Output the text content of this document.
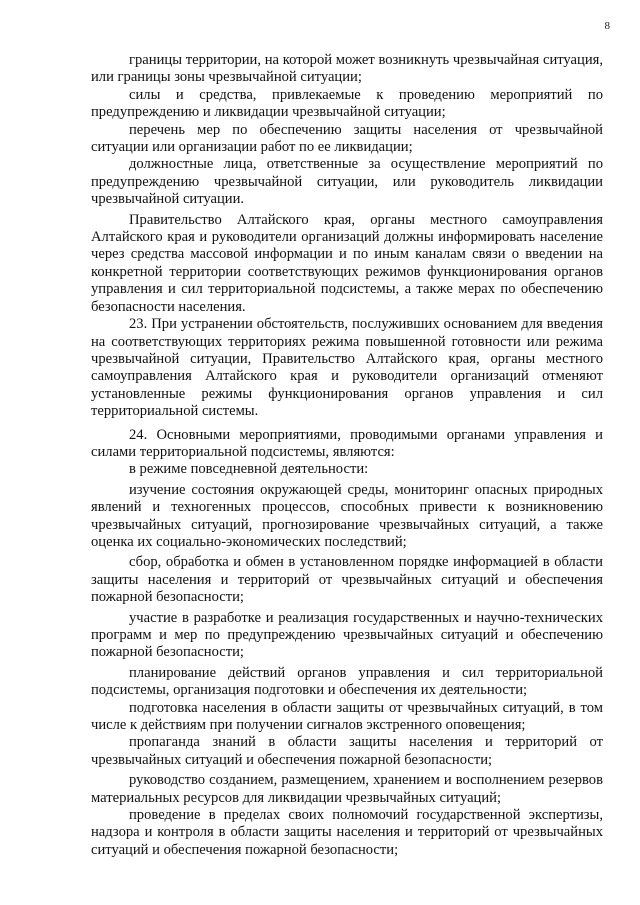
8

границы территории, на которой может возникнуть чрезвычайная ситуация, или границы зоны чрезвычайной ситуации;

силы и средства, привлекаемые к проведению мероприятий по предупреждению и ликвидации чрезвычайной ситуации;

перечень мер по обеспечению защиты населения от чрезвычайной ситуации или организации работ по ее ликвидации;

должностные лица, ответственные за осуществление мероприятий по предупреждению чрезвычайной ситуации, или руководитель ликвидации чрезвычайной ситуации.

Правительство Алтайского края, органы местного самоуправления Алтайского края и руководители организаций должны информировать население через средства массовой информации и по иным каналам связи о введении на конкретной территории соответствующих режимов функционирования органов управления и сил территориальной подсистемы, а также мерах по обеспечению безопасности населения.

23. При устранении обстоятельств, послуживших основанием для введения на соответствующих территориях режима повышенной готовности или режима чрезвычайной ситуации, Правительство Алтайского края, органы местного самоуправления Алтайского края и руководители организаций отменяют установленные режимы функционирования органов управления и сил территориальной системы.

24. Основными мероприятиями, проводимыми органами управления и силами территориальной подсистемы, являются:

в режиме повседневной деятельности:

изучение состояния окружающей среды, мониторинг опасных природных явлений и техногенных процессов, способных привести к возникновению чрезвычайных ситуаций, прогнозирование чрезвычайных ситуаций, а также оценка их социально-экономических последствий;

сбор, обработка и обмен в установленном порядке информацией в области защиты населения и территорий от чрезвычайных ситуаций и обеспечения пожарной безопасности;

участие в разработке и реализация государственных и научно-технических программ и мер по предупреждению чрезвычайных ситуаций и обеспечению пожарной безопасности;

планирование действий органов управления и сил территориальной подсистемы, организация подготовки и обеспечения их деятельности;

подготовка населения в области защиты от чрезвычайных ситуаций, в том числе к действиям при получении сигналов экстренного оповещения;

пропаганда знаний в области защиты населения и территорий от чрезвычайных ситуаций и обеспечения пожарной безопасности;

руководство созданием, размещением, хранением и восполнением резервов материальных ресурсов для ликвидации чрезвычайных ситуаций;

проведение в пределах своих полномочий государственной экспертизы, надзора и контроля в области защиты населения и территорий от чрезвычайных ситуаций и обеспечения пожарной безопасности;
